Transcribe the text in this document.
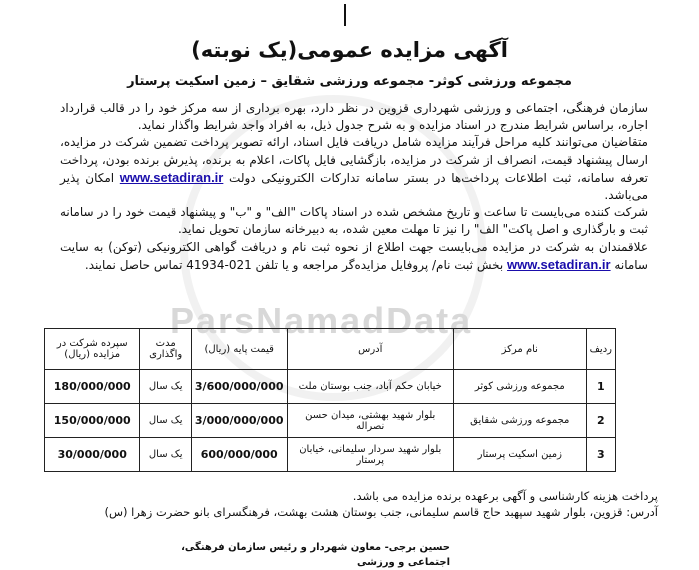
ParsNamadData
آگهی مزایده عمومی(یک نوبته)
مجموعه ورزشی کوثر- مجموعه ورزشی شقایق – زمین اسکیت پرستار

سازمان فرهنگی، اجتماعی و ورزشی شهرداری قزوین در نظر دارد، بهره برداری از سه مرکز خود را در قالب قرارداد اجاره، براساس شرایط مندرج در اسناد مزایده و به شرح جدول ذیل، به افراد واجد شرایط واگذار نماید.

متقاضیان می‌توانند کلیه مراحل فرآیند مزایده شامل دریافت فایل اسناد، ارائه تصویر پرداخت تضمین شرکت در مزایده، ارسال پیشنهاد قیمت، انصراف از شرکت در مزایده، بازگشایی فایل پاکات، اعلام به برنده، پذیرش برنده بودن، پرداخت تعرفه سامانه، ثبت اطلاعات پرداخت‌ها در بستر سامانه تدارکات الکترونیکی دولت www.setadiran.ir امکان پذیر می‌باشد.

شرکت کننده می‌بایست تا ساعت و تاریخ مشخص شده در اسناد پاکات "الف" و "ب" و پیشنهاد قیمت خود را در سامانه ثبت و بارگذاری و اصل پاکت" الف" را نیز تا مهلت معین شده، به دبیرخانه سازمان تحویل نماید.

علاقمندان به شرکت در مزایده می‌بایست جهت اطلاع از نحوه ثبت نام و دریافت گواهی الکترونیکی (توکن) به سایت سامانه www.setadiran.ir بخش ثبت نام/ پروفایل مزایده‌گر مراجعه و یا تلفن 021-41934 تماس حاصل نمایند.

ردیف	نام مرکز	آدرس	قیمت پایه (ریال)	مدت واگذاری	سپرده شرکت در مزایده (ریال)
1	مجموعه ورزشی کوثر	خیابان حکم آباد، جنب بوستان ملت	3/600/000/000	یک سال	180/000/000
2	مجموعه ورزشی شقایق	بلوار شهید بهشتی، میدان حسن نصراله	3/000/000/000	یک سال	150/000/000
3	زمین اسکیت پرستار	بلوار شهید سردار سلیمانی، خیابان پرستار	600/000/000	یک سال	30/000/000

پرداخت هزینه کارشناسی و آگهی برعهده برنده مزایده می باشد.

آدرس: قزوین، بلوار شهید سپهبد حاج قاسم سلیمانی، جنب بوستان هشت بهشت، فرهنگسرای بانو حضرت زهرا (س)

حسین برجی- معاون شهردار و رئیس سازمان فرهنگی، اجتماعی و ورزشی
